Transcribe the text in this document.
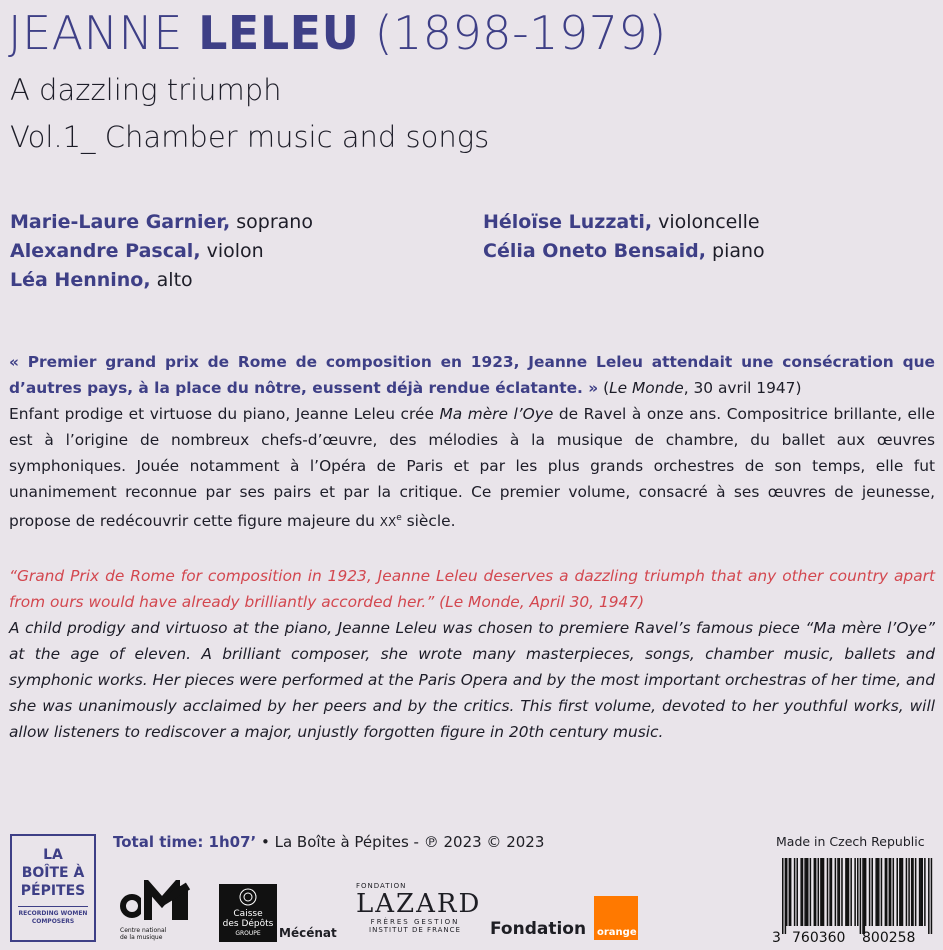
JEANNE LELEU (1898-1979)
A dazzling triumph
Vol.1_ Chamber music and songs
Marie-Laure Garnier, soprano
Alexandre Pascal, violon
Léa Hennino, alto
Héloïse Luzzati, violoncelle
Célia Oneto Bensaid, piano
« Premier grand prix de Rome de composition en 1923, Jeanne Leleu attendait une consécration que d’autres pays, à la place du nôtre, eussent déjà rendue éclatante. » (Le Monde, 30 avril 1947)
Enfant prodige et virtuose du piano, Jeanne Leleu crée Ma mère l’Oye de Ravel à onze ans. Compositrice brillante, elle est à l’origine de nombreux chefs-d’œuvre, des mélodies à la musique de chambre, du ballet aux œuvres symphoniques. Jouée notamment à l’Opéra de Paris et par les plus grands orchestres de son temps, elle fut unanimement reconnue par ses pairs et par la critique. Ce premier volume, consacré à ses œuvres de jeunesse, propose de redécouvrir cette figure majeure du XXe siècle.
“Grand Prix de Rome for composition in 1923, Jeanne Leleu deserves a dazzling triumph that any other country apart from ours would have already brilliantly accorded her.” (Le Monde, April 30, 1947)
A child prodigy and virtuoso at the piano, Jeanne Leleu was chosen to premiere Ravel’s famous piece “Ma mère l’Oye” at the age of eleven. A brilliant composer, she wrote many masterpieces, songs, chamber music, ballets and symphonic works. Her pieces were performed at the Paris Opera and by the most important orchestras of her time, and she was unanimously acclaimed by her peers and by the critics. This first volume, devoted to her youthful works, will allow listeners to rediscover a major, unjustly forgotten figure in 20th century music.
Total time: 1h07’ • La Boîte à Pépites - ℗ 2023 © 2023	Made in Czech Republic
LA
BOÎTE À
PÉPITES
RECORDING WOMEN
COMPOSERS
Centre national
de la musique
Caisse
des Dépôts
GROUPE	Mécénat
FONDATION
LAZARD
FRÈRES GESTION
INSTITUT DE FRANCE	Fondation orange	3 760360 800258
